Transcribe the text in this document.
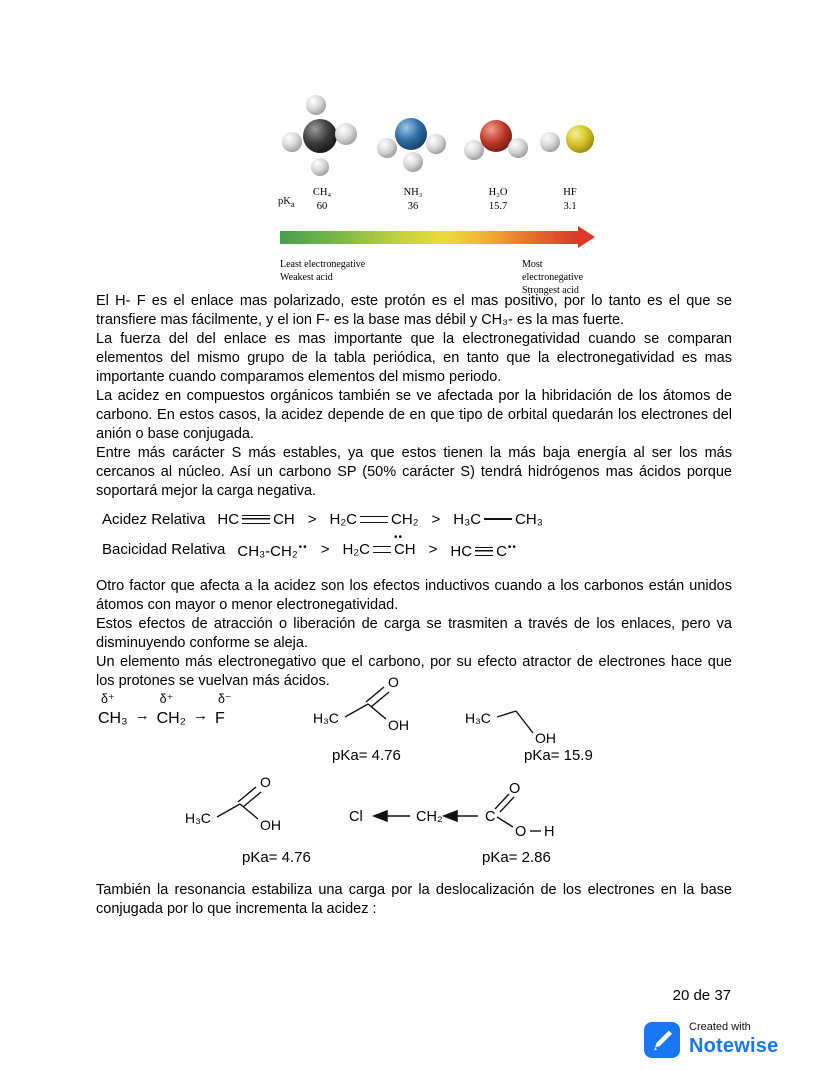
$pK_a$
CH₄
60
NH₃
36
H₂O
15.7
HF
3.1
Least electronegative
Weakest acid
Most electronegative
Strongest acid

El H- F es el enlace mas polarizado, este protón es el mas positivo, por lo tanto es el que se transfiere mas fácilmente, y el ion F- es la base mas débil y CH₃- es la mas fuerte.

La fuerza del del enlace es mas importante que la electronegatividad cuando se comparan elementos del mismo grupo de la tabla periódica, en tanto que la electronegatividad es mas importante cuando comparamos elementos del mismo periodo.

La acidez en compuestos orgánicos también se ve afectada por la hibridación de los átomos de carbono. En estos casos, la acidez depende de en que tipo de orbital quedarán los electrones del anión o base conjugada.

Entre más carácter S más estables, ya que estos tienen la más baja energía al ser los más cercanos al núcleo. Así un carbono SP (50% carácter S) tendrá hidrógenos mas ácidos porque soportará mejor la carga negativa.

Acidez Relativa HC CH > H₂C CH₂ > H₃C CH₃
Bacicidad Relativa CH₃-CH₂•• > H₂C
••
CH > HC C••

Otro factor que afecta a la acidez son los efectos inductivos cuando a los carbonos están unidos átomos con mayor o menor electronegatividad.

Estos efectos de atracción o liberación de carga se trasmiten a través de los enlaces, pero va disminuyendo conforme se aleja.

Un elemento más electronegativo que el carbono, por su efecto atractor de electrones hace que los protones se vuelvan más ácidos.

δ⁺
CH₃ →
δ⁺
CH₂ →
δ⁻
F	H₃C
O
OH
pKa= 4.76
H₃C
OH
pKa= 15.9
H₃C
O
OH
pKa= 4.76
Cl	CH₂	C
O
O H
pKa= 2.86

También la resonancia estabiliza una carga por la deslocalización de los electrones en la base conjugada por lo que incrementa la acidez :

20 de 37
Created with
Notewise
